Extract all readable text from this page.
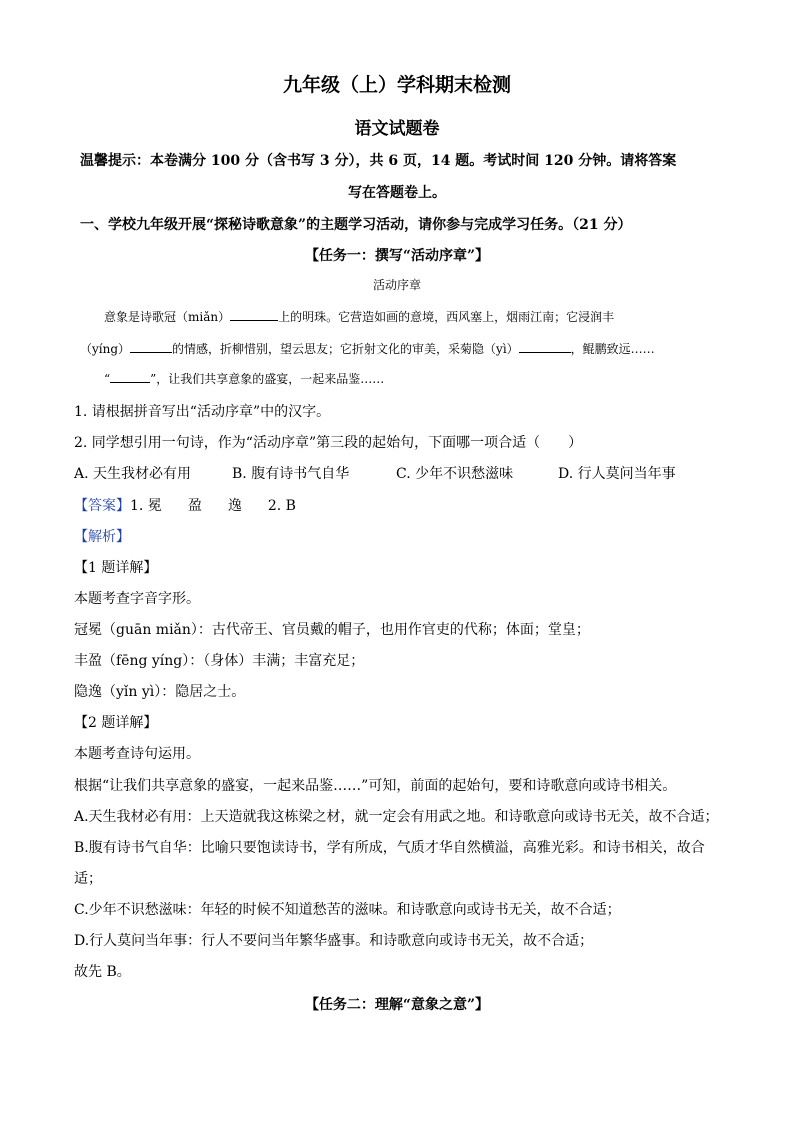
九年级（上）学科期末检测
语文试题卷
温馨提示：本卷满分 100 分（含书写 3 分），共 6 页，14 题。考试时间 120 分钟。请将答案
写在答题卷上。
一、学校九年级开展“探秘诗歌意象”的主题学习活动，请你参与完成学习任务。（21 分）
【任务一：撰写“活动序章”】
活动序章
意象是诗歌冠（miǎn）	上的明珠。它营造如画的意境，西风塞上，烟雨江南；它浸润丰
（yíng）	的情感，折柳惜别，望云思友；它折射文化的审美，采菊隐（yì）	，鲲鹏致远……
“	”，让我们共享意象的盛宴，一起来品鉴……
1. 请根据拼音写出“活动序章”中的汉字。
2. 同学想引用一句诗，作为“活动序章”第三段的起始句，下面哪一项合适（　　）
A. 天生我材必有用	B. 腹有诗书气自华	C. 少年不识愁滋味	D. 行人莫问当年事
【答案】1. 冕 盈 逸 2. B
【解析】
【1 题详解】
本题考查字音字形。
冠冕（guān miǎn）：古代帝王、官员戴的帽子，也用作官吏的代称；体面；堂皇；
丰盈（fēng yíng）：（身体）丰满；丰富充足；
隐逸（yǐn yì）：隐居之士。
【2 题详解】
本题考查诗句运用。
根据“让我们共享意象的盛宴，一起来品鉴……”可知，前面的起始句，要和诗歌意向或诗书相关。
A.天生我材必有用：上天造就我这栋梁之材，就一定会有用武之地。和诗歌意向或诗书无关，故不合适；
B.腹有诗书气自华：比喻只要饱读诗书，学有所成，气质才华自然横溢，高雅光彩。和诗书相关，故合
适；
C.少年不识愁滋味：年轻的时候不知道愁苦的滋味。和诗歌意向或诗书无关，故不合适；
D.行人莫问当年事：行人不要问当年繁华盛事。和诗歌意向或诗书无关，故不合适；
故先 B。
【任务二：理解“意象之意”】
